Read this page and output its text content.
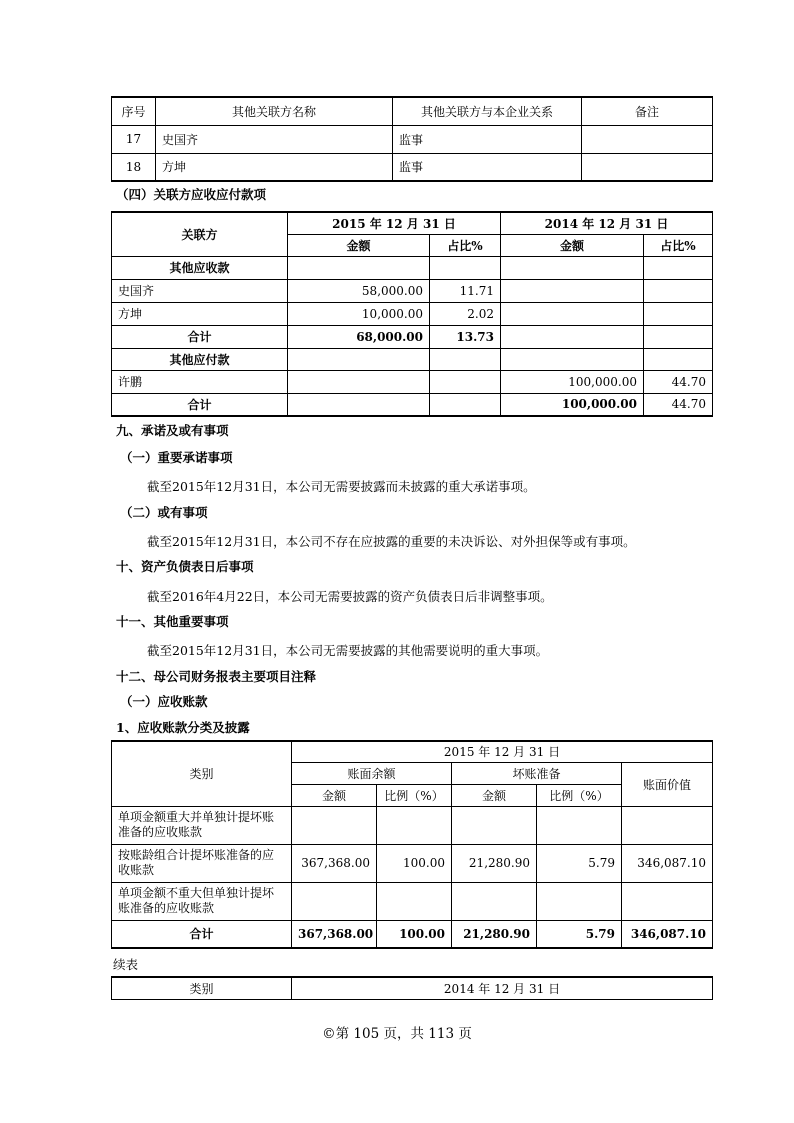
序号	其他关联方名称	其他关联方与本企业关系	备注
17	史国齐	监事	
18	方坤	监事	
（四）关联方应收应付款项
关联方	2015 年 12 月 31 日		2014 年 12 月 31 日	
	金额	占比%	金额	占比%
其他应收款				
史国齐	58,000.00	11.71		
方坤	10,000.00	2.02		
合计	68,000.00	13.73		
其他应付款				
许鹏			100,000.00	44.70
合计			100,000.00	44.70
九、承诺及或有事项
（一）重要承诺事项
截至2015年12月31日，本公司无需要披露而未披露的重大承诺事项。
（二）或有事项
截至2015年12月31日，本公司不存在应披露的重要的未决诉讼、对外担保等或有事项。
十、资产负债表日后事项
截至2016年4月22日，本公司无需要披露的资产负债表日后非调整事项。
十一、其他重要事项
截至2015年12月31日，本公司无需要披露的其他需要说明的重大事项。
十二、母公司财务报表主要项目注释
（一）应收账款
1、应收账款分类及披露
类别	2015 年 12 月 31 日				
	账面余额		坏账准备		账面价值
	金额	比例（%）	金额	比例（%）	
单项金额重大并单独计提坏账准备的应收账款					
按账龄组合计提坏账准备的应收账款	367,368.00	100.00	21,280.90	5.79	346,087.10
单项金额不重大但单独计提坏账准备的应收账款					
合计	367,368.00	100.00	21,280.90	5.79	346,087.10
续表
类别	2014 年 12 月 31 日
©第 105 页，共 113 页
